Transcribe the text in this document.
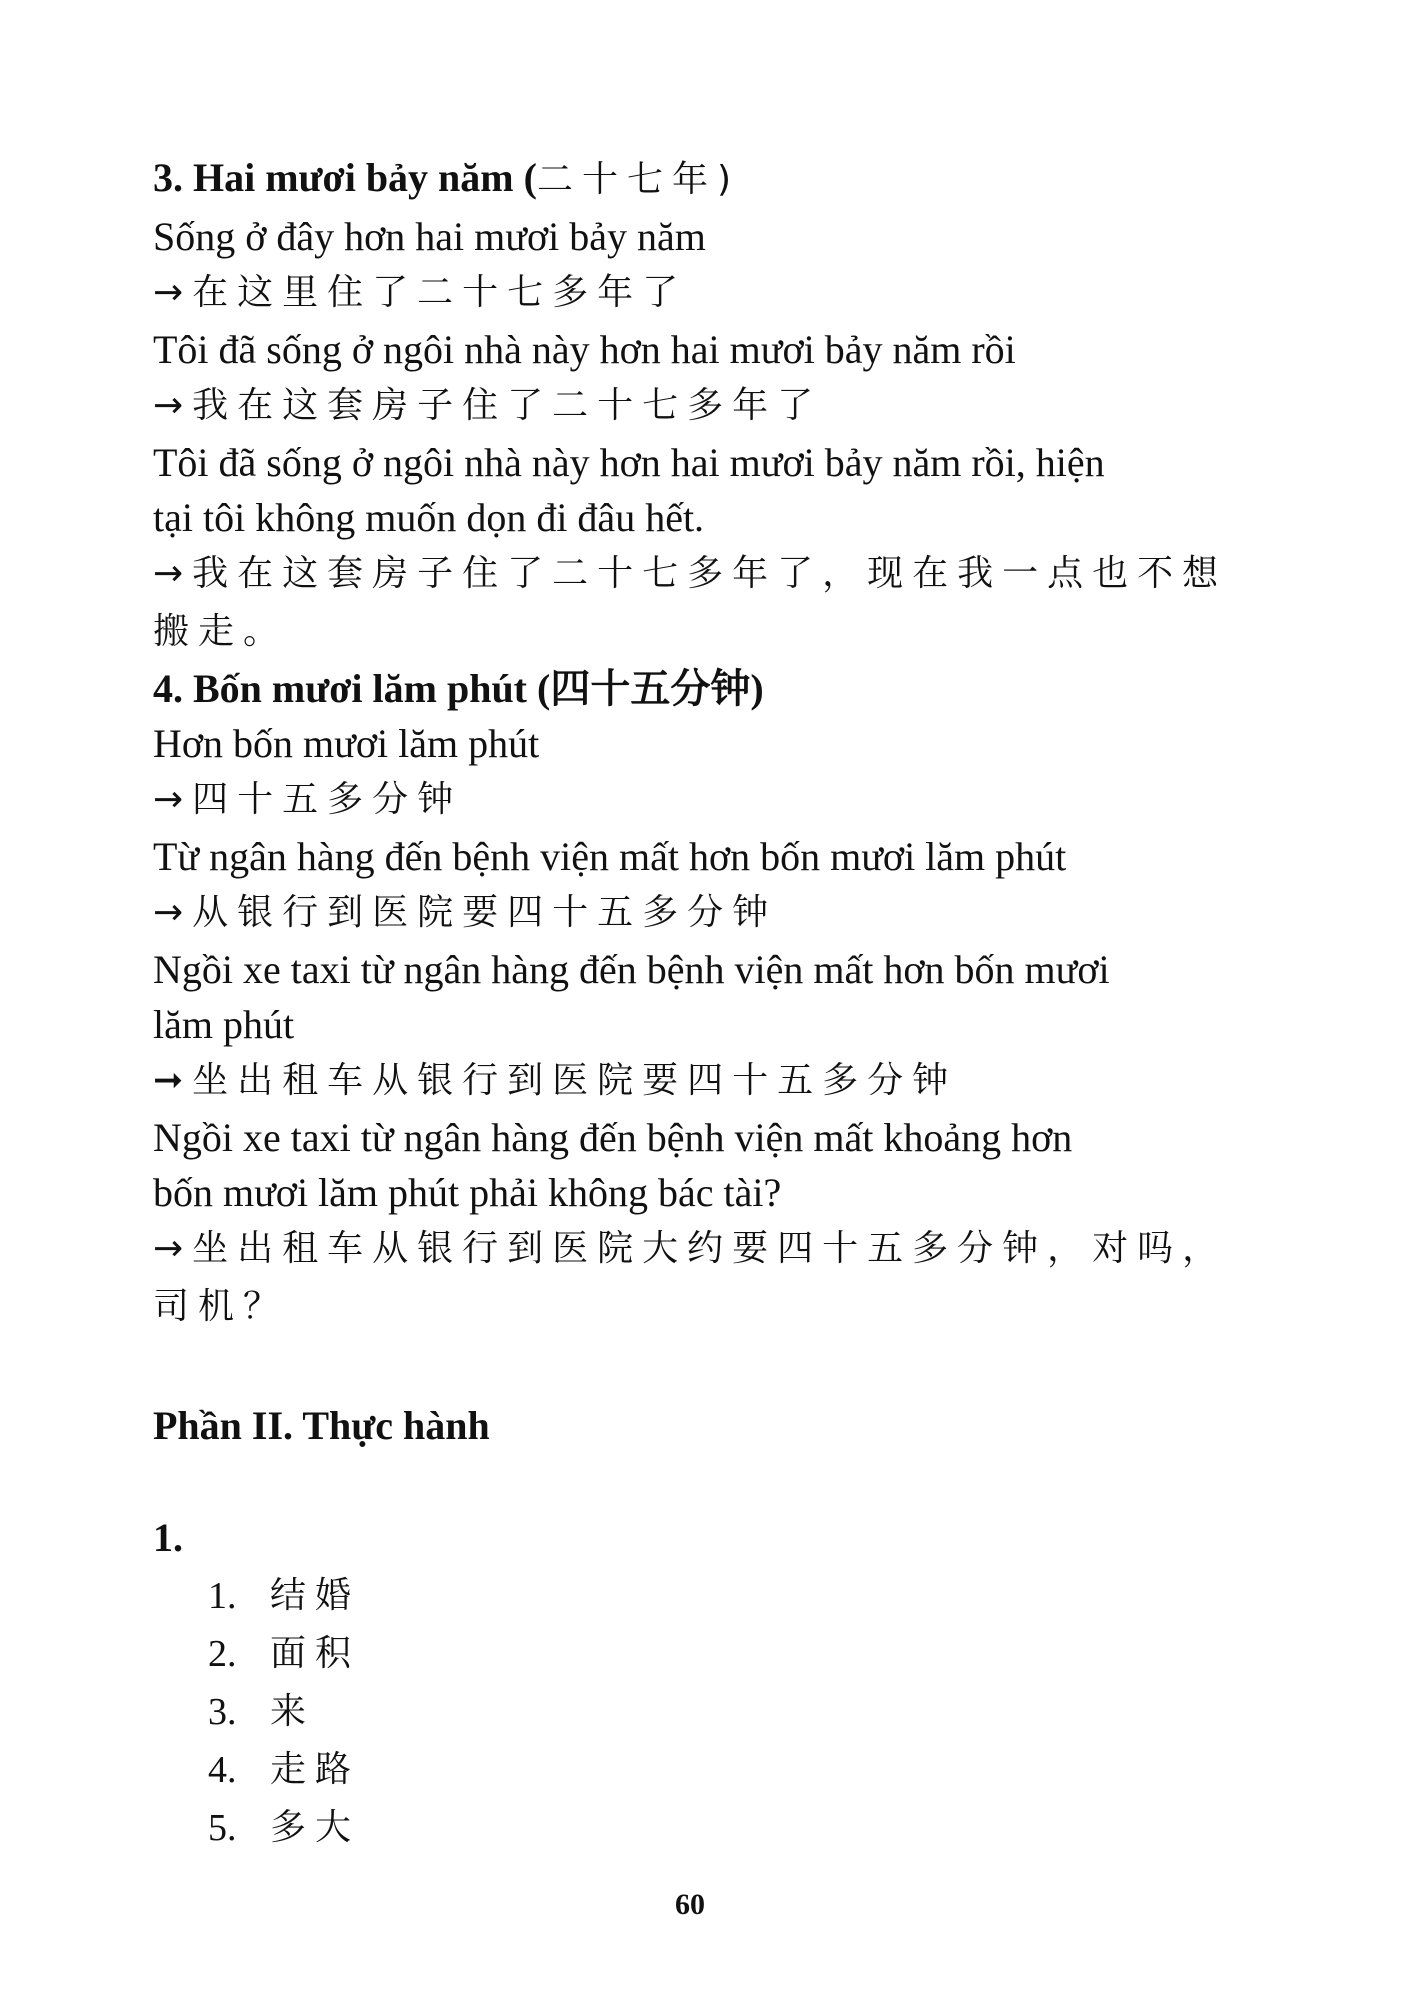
3. Hai mươi bảy năm (二十七年)
Sống ở đây hơn hai mươi bảy năm
→在这里住了二十七多年了
Tôi đã sống ở ngôi nhà này hơn hai mươi bảy năm rồi
→我在这套房子住了二十七多年了
Tôi đã sống ở ngôi nhà này hơn hai mươi bảy năm rồi, hiện
tại tôi không muốn dọn đi đâu hết.
→我在这套房子住了二十七多年了，现在我一点也不想
搬走。
4. Bốn mươi lăm phút (四十五分钟)
Hơn bốn mươi lăm phút
→四十五多分钟
Từ ngân hàng đến bệnh viện mất hơn bốn mươi lăm phút
→从银行到医院要四十五多分钟
Ngồi xe taxi từ ngân hàng đến bệnh viện mất hơn bốn mươi
lăm phút
➞坐出租车从银行到医院要四十五多分钟
Ngồi xe taxi từ ngân hàng đến bệnh viện mất khoảng hơn
bốn mươi lăm phút phải không bác tài?
→坐出租车从银行到医院大约要四十五多分钟，对吗，
司机？
Phần II. Thực hành
1.
1. 结婚
2. 面积
3. 来
4. 走路
5. 多大
60
